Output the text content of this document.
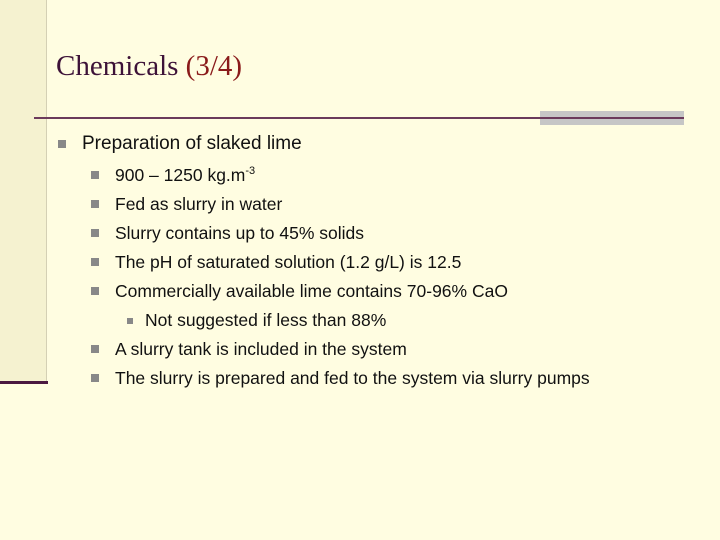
Chemicals (3/4)
Preparation of slaked lime
900 – 1250 $kg.m^{-3}$
Fed as slurry in water
Slurry contains up to 45% solids
The pH of saturated solution (1.2 g/L) is 12.5
Commercially available lime contains 70-96% CaO
Not suggested if less than 88%
A slurry tank is included in the system
The slurry is prepared and fed to the system via slurry pumps
